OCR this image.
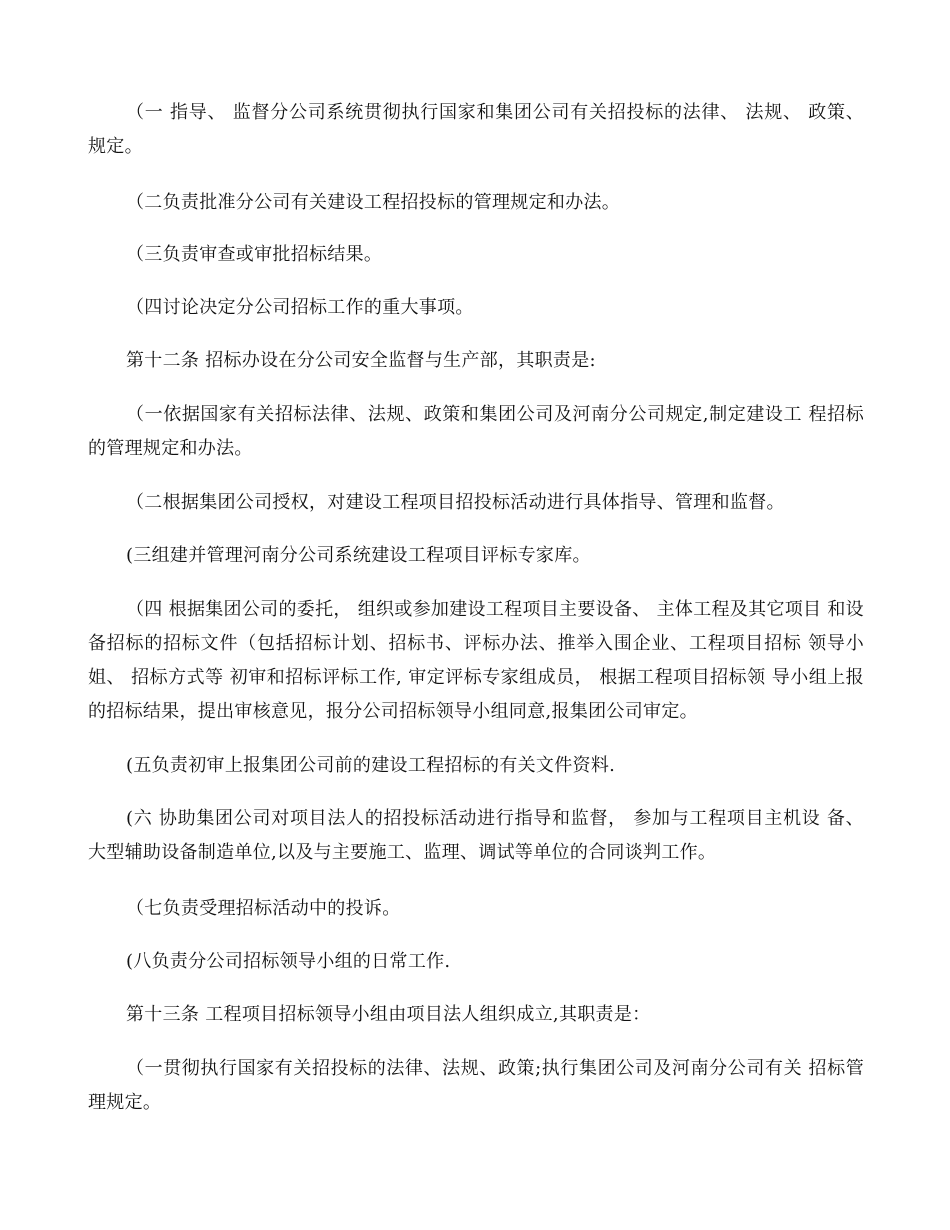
（一 指导、 监督分公司系统贯彻执行国家和集团公司有关招投标的法律、 法规、 政策、 规定。

（二负责批准分公司有关建设工程招投标的管理规定和办法。

（三负责审查或审批招标结果。

（四讨论决定分公司招标工作的重大事项。

第十二条 招标办设在分公司安全监督与生产部，其职责是:

（一依据国家有关招标法律、法规、政策和集团公司及河南分公司规定,制定建设工 程招标的管理规定和办法。

（二根据集团公司授权，对建设工程项目招投标活动进行具体指导、管理和监督。

(三组建并管理河南分公司系统建设工程项目评标专家库。

（四 根据集团公司的委托， 组织或参加建设工程项目主要设备、 主体工程及其它项目 和设备招标的招标文件（包括招标计划、招标书、评标办法、推举入围企业、工程项目招标 领导小姐、 招标方式等 初审和招标评标工作, 审定评标专家组成员， 根据工程项目招标领 导小组上报的招标结果，提出审核意见，报分公司招标领导小组同意,报集团公司审定。

(五负责初审上报集团公司前的建设工程招标的有关文件资料.

(六 协助集团公司对项目法人的招投标活动进行指导和监督， 参加与工程项目主机设 备、大型辅助设备制造单位,以及与主要施工、监理、调试等单位的合同谈判工作。

（七负责受理招标活动中的投诉。

(八负责分公司招标领导小组的日常工作.

第十三条 工程项目招标领导小组由项目法人组织成立,其职责是：

（一贯彻执行国家有关招投标的法律、法规、政策;执行集团公司及河南分公司有关 招标管理规定。
